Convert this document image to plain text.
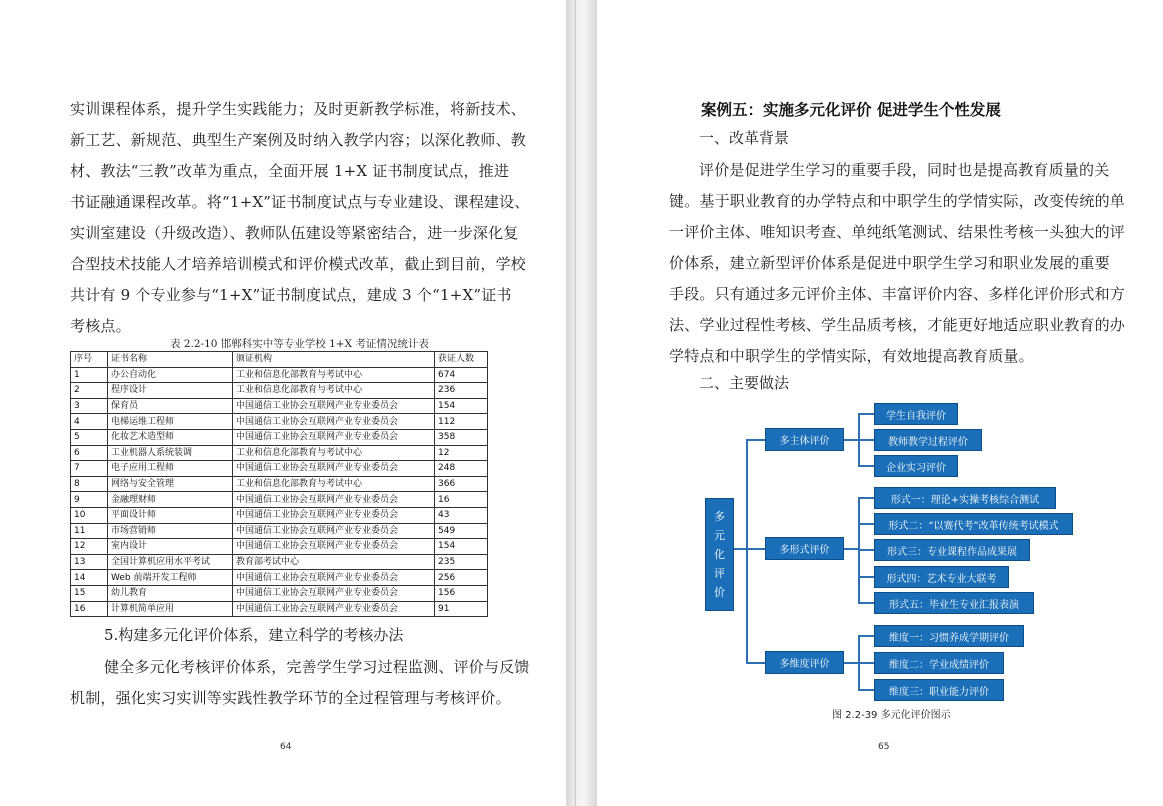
实训课程体系，提升学生实践能力；及时更新教学标准，将新技术、
新工艺、新规范、典型生产案例及时纳入教学内容；以深化教师、教
材、教法“三教”改革为重点，全面开展 1+X 证书制度试点，推进
书证融通课程改革。将“1+X”证书制度试点与专业建设、课程建设、
实训室建设（升级改造）、教师队伍建设等紧密结合，进一步深化复
合型技术技能人才培养培训模式和评价模式改革，截止到目前，学校
共计有 9 个专业参与“1+X”证书制度试点，建成 3 个“1+X”证书
考核点。
表 2.2-10 邯郸科实中等专业学校 1+X 考证情况统计表
序号	证书名称	颁证机构	获证人数
1	办公自动化	工业和信息化部教育与考试中心	674
2	程序设计	工业和信息化部教育与考试中心	236
3	保育员	中国通信工业协会互联网产业专业委员会	154
4	电梯运维工程师	中国通信工业协会互联网产业专业委员会	112
5	化妆艺术造型师	中国通信工业协会互联网产业专业委员会	358
6	工业机器人系统装调	工业和信息化部教育与考试中心	12
7	电子应用工程师	中国通信工业协会互联网产业专业委员会	248
8	网络与安全管理	工业和信息化部教育与考试中心	366
9	金融理财师	中国通信工业协会互联网产业专业委员会	16
10	平面设计师	中国通信工业协会互联网产业专业委员会	43
11	市场营销师	中国通信工业协会互联网产业专业委员会	549
12	室内设计	中国通信工业协会互联网产业专业委员会	154
13	全国计算机应用水平考试	教育部考试中心	235
14	Web 前端开发工程师	中国通信工业协会互联网产业专业委员会	256
15	幼儿教育	中国通信工业协会互联网产业专业委员会	156
16	计算机简单应用	中国通信工业协会互联网产业专业委员会	91
5.构建多元化评价体系，建立科学的考核办法
健全多元化考核评价体系，完善学生学习过程监测、评价与反馈
机制，强化实习实训等实践性教学环节的全过程管理与考核评价。
64
案例五：实施多元化评价 促进学生个性发展
一、改革背景
评价是促进学生学习的重要手段，同时也是提高教育质量的关
键。基于职业教育的办学特点和中职学生的学情实际，改变传统的单
一评价主体、唯知识考查、单纯纸笔测试、结果性考核一头独大的评
价体系，建立新型评价体系是促进中职学生学习和职业发展的重要
手段。只有通过多元评价主体、丰富评价内容、多样化评价形式和方
法、学业过程性考核、学生品质考核，才能更好地适应职业教育的办
学特点和中职学生的学情实际，有效地提高教育质量。
二、主要做法
多
元
化
评
价
多主体评价
多形式评价
多维度评价
学生自我评价
教师教学过程评价
企业实习评价
形式一：理论+实操考核综合测试
形式二：“以赛代考”改革传统考试模式
形式三：专业课程作品成果展
形式四：艺术专业大联考
形式五：毕业生专业汇报表演
维度一：习惯养成学期评价
维度二：学业成绩评价
维度三：职业能力评价
图 2.2-39 多元化评价图示
65
